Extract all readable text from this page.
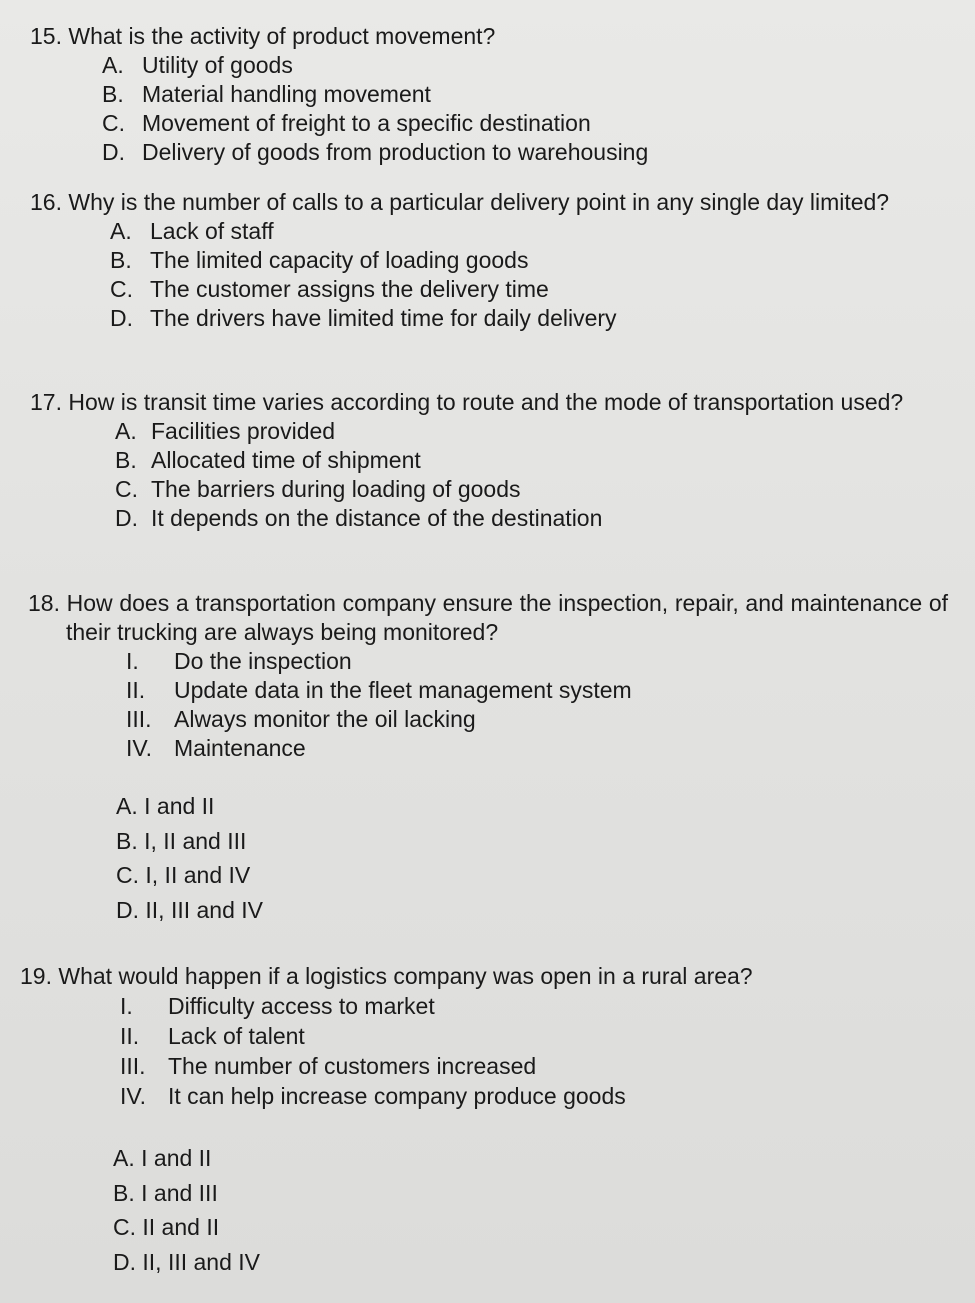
15. What is the activity of product movement?

A. Utility of goods
B. Material handling movement
C. Movement of freight to a specific destination
D. Delivery of goods from production to warehousing

16. Why is the number of calls to a particular delivery point in any single day limited?

A. Lack of staff
B. The limited capacity of loading goods
C. The customer assigns the delivery time
D. The drivers have limited time for daily delivery

17. How is transit time varies according to route and the mode of transportation used?

A. Facilities provided
B. Allocated time of shipment
C. The barriers during loading of goods
D. It depends on the distance of the destination

18. How does a transportation company ensure the inspection, repair, and maintenance of their trucking are always being monitored?

I. Do the inspection
II. Update data in the fleet management system
III. Always monitor the oil lacking
IV. Maintenance
A. I and II
B. I, II and III
C. I, II and IV
D. II, III and IV

19. What would happen if a logistics company was open in a rural area?

I. Difficulty access to market
II. Lack of talent
III. The number of customers increased
IV. It can help increase company produce goods
A. I and II
B. I and III
C. II and II
D. II, III and IV
